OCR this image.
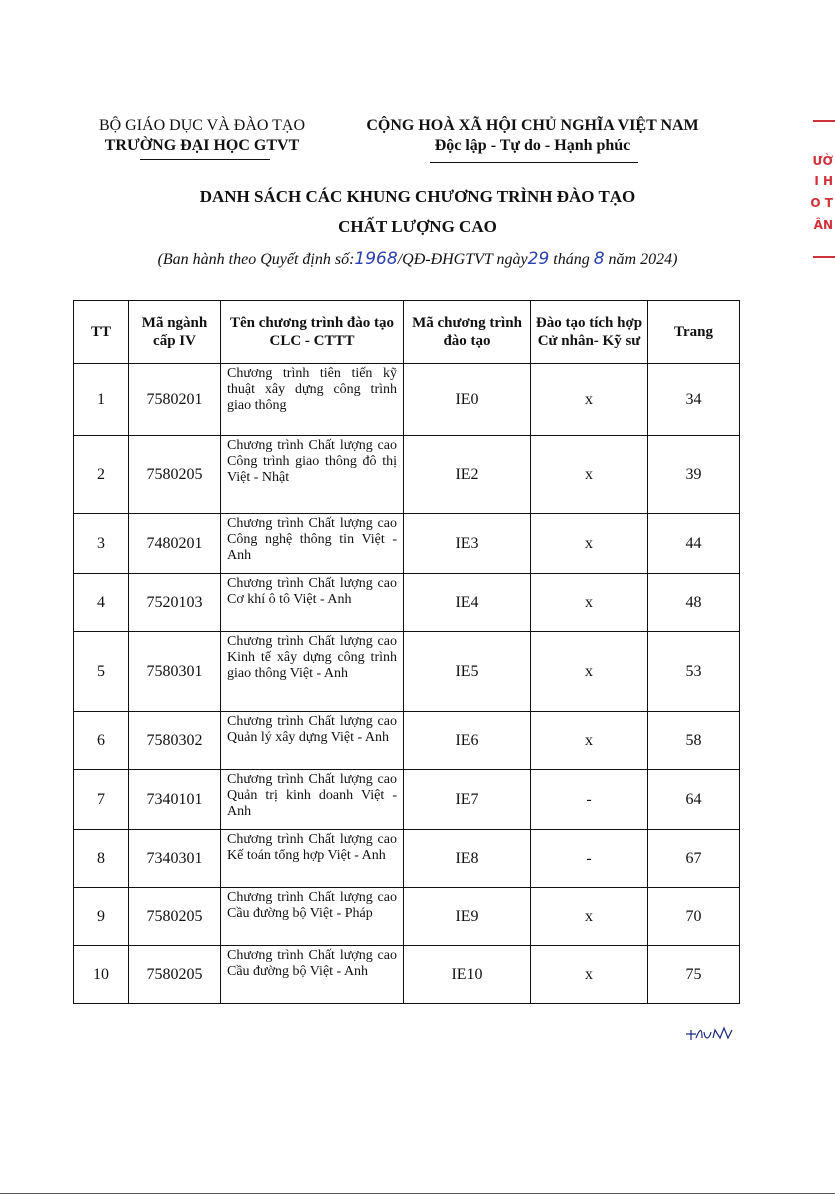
BỘ GIÁO DỤC VÀ ĐÀO TẠO
TRƯỜNG ĐẠI HỌC GTVT
CỘNG HOÀ XÃ HỘI CHỦ NGHĨA VIỆT NAM
Độc lập - Tự do - Hạnh phúc
ƯỜ
I H
O T
ÂN
DANH SÁCH CÁC KHUNG CHƯƠNG TRÌNH ĐÀO TẠO
CHẤT LƯỢNG CAO
(Ban hành theo Quyết định số:1968/QĐ-ĐHGTVT ngày29 tháng 8 năm 2024)
TT	Mã ngành cấp IV	Tên chương trình đào tạo CLC - CTTT	Mã chương trình đào tạo	Đào tạo tích hợp Cử nhân- Kỹ sư	Trang
1	7580201	Chương trình tiên tiến kỹ thuật xây dựng công trình giao thông	IE0	x	34
2	7580205	Chương trình Chất lượng cao Công trình giao thông đô thị Việt - Nhật	IE2	x	39
3	7480201	Chương trình Chất lượng cao Công nghệ thông tin Việt - Anh	IE3	x	44
4	7520103	Chương trình Chất lượng cao Cơ khí ô tô Việt - Anh	IE4	x	48
5	7580301	Chương trình Chất lượng cao Kinh tế xây dựng công trình giao thông Việt - Anh	IE5	x	53
6	7580302	Chương trình Chất lượng cao Quản lý xây dựng Việt - Anh	IE6	x	58
7	7340101	Chương trình Chất lượng cao Quản trị kinh doanh Việt - Anh	IE7	-	64
8	7340301	Chương trình Chất lượng cao Kế toán tổng hợp Việt - Anh	IE8	-	67
9	7580205	Chương trình Chất lượng cao Cầu đường bộ Việt - Pháp	IE9	x	70
10	7580205	Chương trình Chất lượng cao Cầu đường bộ Việt - Anh	IE10	x	75
